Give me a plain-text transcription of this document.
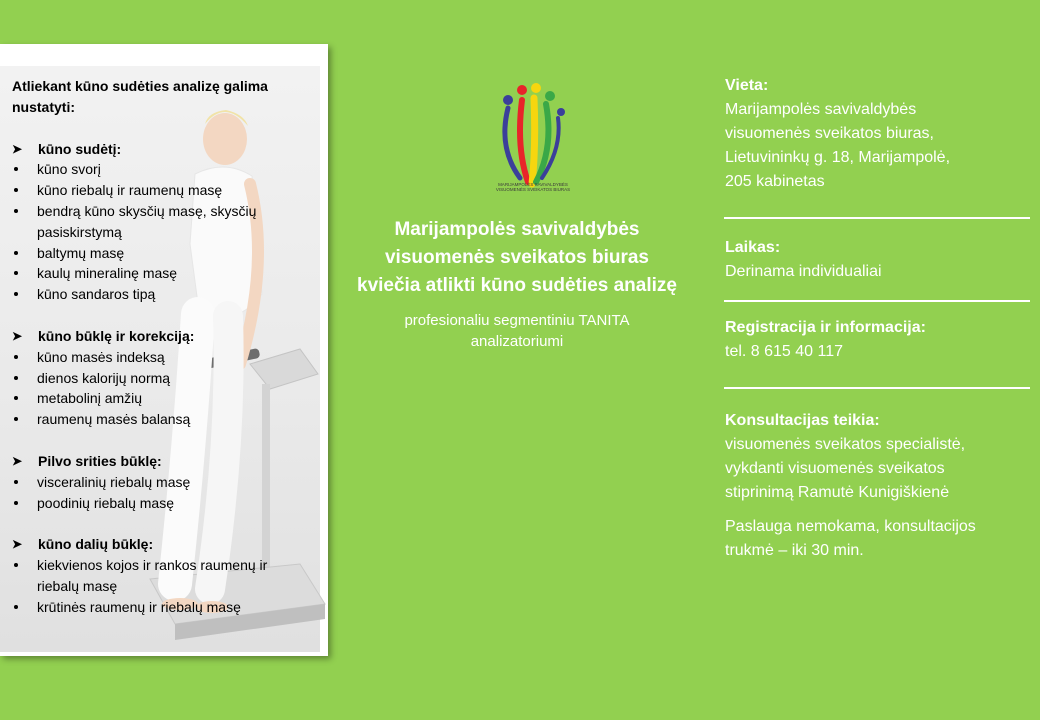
Atliekant kūno sudėties analizę galima nustatyti:

➤	kūno sudėtį:
kūno svorį
kūno riebalų ir raumenų masę
bendrą kūno skysčių masę, skysčių pasiskirstymą
baltymų masę
kaulų mineralinę masę
kūno sandaros tipą
➤	kūno būklę ir korekciją:
kūno masės indeksą
dienos kalorijų normą
metabolinį amžių
raumenų masės balansą
➤	Pilvo srities būklę:
visceralinių riebalų masę
poodinių riebalų masę
➤	kūno dalių būklę:
kiekvienos kojos ir rankos raumenų ir riebalų masę
krūtinės raumenų ir riebalų masę
MARIJAMPOLĖS SAVIVALDYBĖS
VISUOMENĖS SVEIKATOS BIURAS
Marijampolės savivaldybės
visuomenės sveikatos biuras
kviečia atlikti kūno sudėties analizę
profesionaliu segmentiniu TANITA
analizatoriumi
Vieta:
Marijampolės savivaldybės
visuomenės sveikatos biuras,
Lietuvininkų g. 18, Marijampolė,
205 kabinetas
Laikas:
Derinama individualiai
Registracija ir informacija:
tel. 8 615 40 117
Konsultacijas teikia:
visuomenės sveikatos specialistė,
vykdanti visuomenės sveikatos
stiprinimą Ramutė Kunigiškienė
Paslauga nemokama, konsultacijos
trukmė – iki 30 min.
